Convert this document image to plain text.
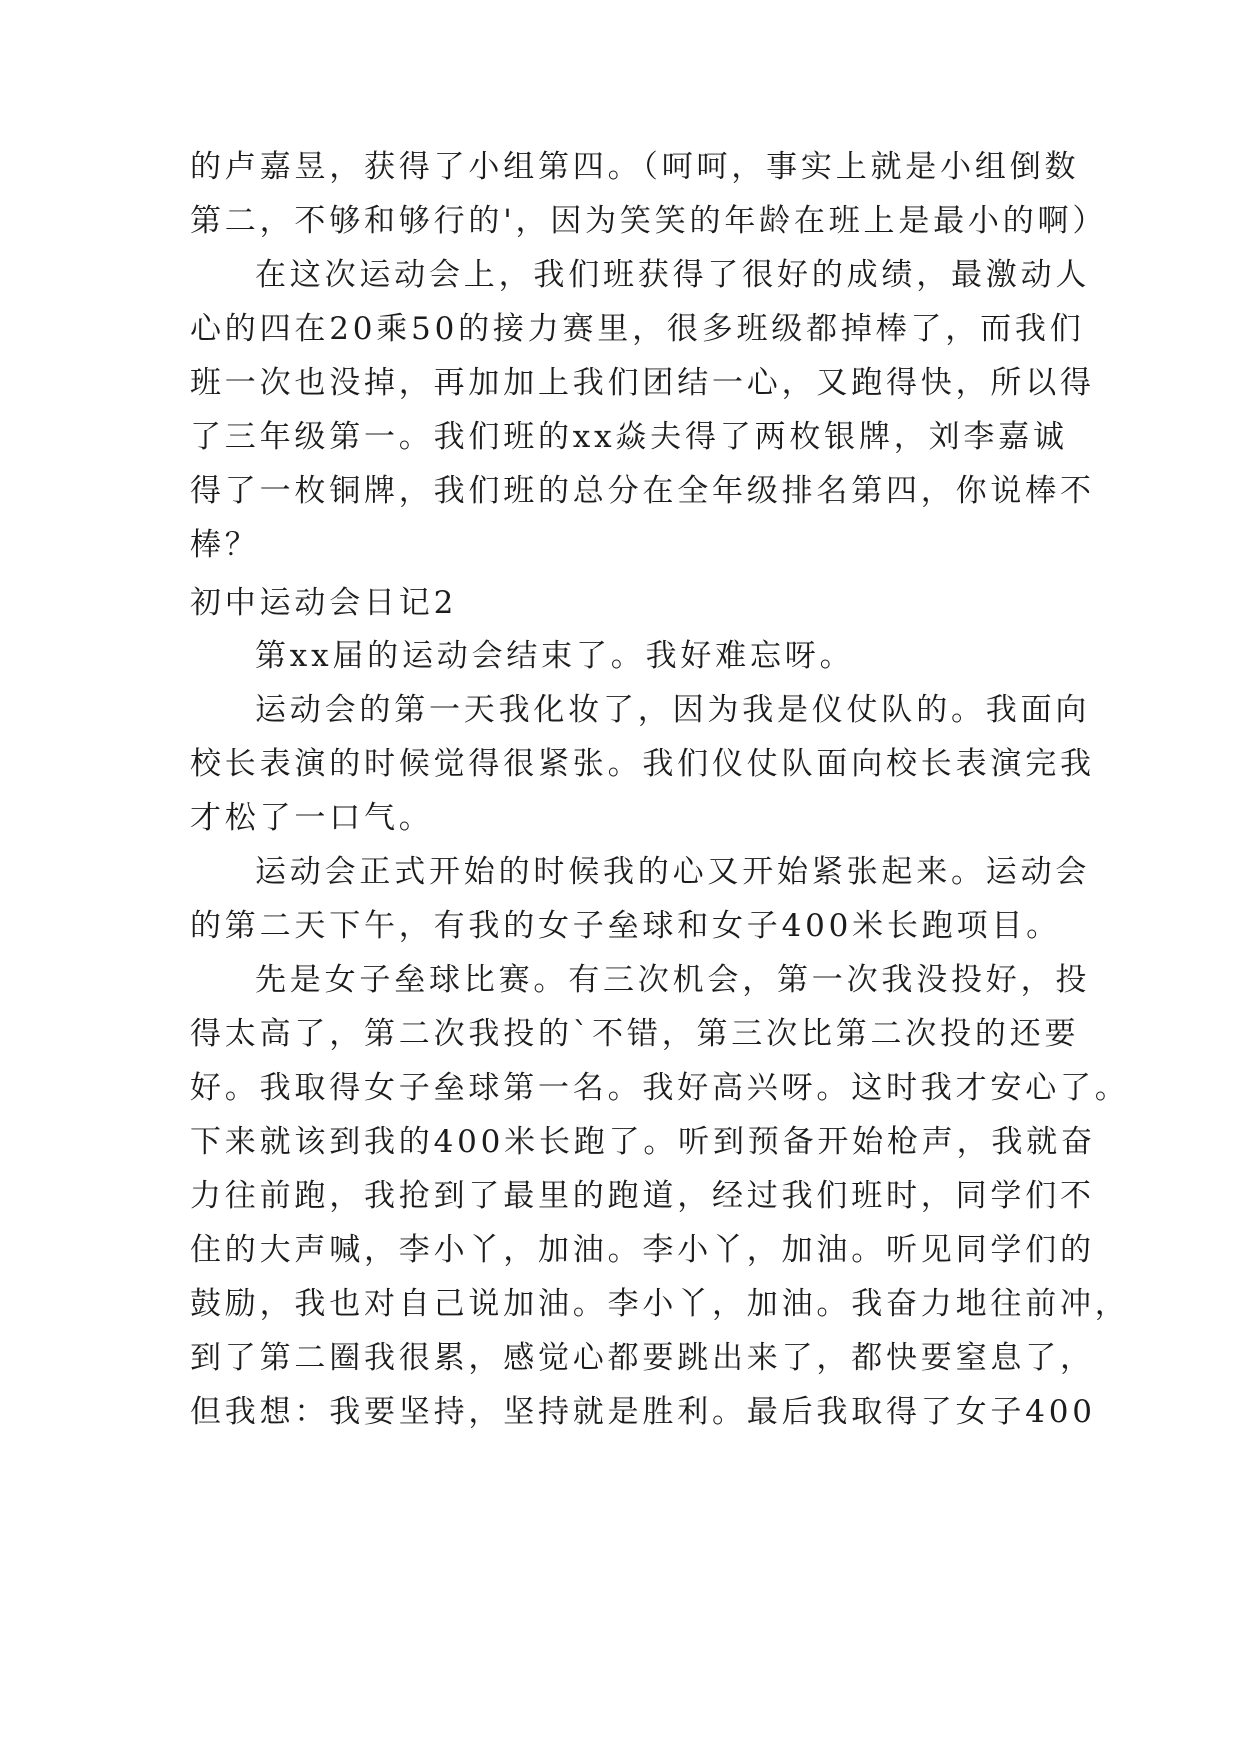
的卢嘉昱，获得了小组第四。（呵呵，事实上就是小组倒数
第二，不够和够行的'，因为笑笑的年龄在班上是最小的啊）
在这次运动会上，我们班获得了很好的成绩，最激动人
心的四在20乘50的接力赛里，很多班级都掉棒了，而我们
班一次也没掉，再加加上我们团结一心，又跑得快，所以得
了三年级第一。我们班的xx焱夫得了两枚银牌，刘李嘉诚
得了一枚铜牌，我们班的总分在全年级排名第四，你说棒不
棒？
初中运动会日记2
第xx届的运动会结束了。我好难忘呀。
运动会的第一天我化妆了，因为我是仪仗队的。我面向
校长表演的时候觉得很紧张。我们仪仗队面向校长表演完我
才松了一口气。
运动会正式开始的时候我的心又开始紧张起来。运动会
的第二天下午，有我的女子垒球和女子400米长跑项目。
先是女子垒球比赛。有三次机会，第一次我没投好，投
得太高了，第二次我投的`不错，第三次比第二次投的还要
好。我取得女子垒球第一名。我好高兴呀。这时我才安心了。
下来就该到我的400米长跑了。听到预备开始枪声，我就奋
力往前跑，我抢到了最里的跑道，经过我们班时，同学们不
住的大声喊，李小丫，加油。李小丫，加油。听见同学们的
鼓励，我也对自己说加油。李小丫，加油。我奋力地往前冲，
到了第二圈我很累，感觉心都要跳出来了，都快要窒息了，
但我想：我要坚持，坚持就是胜利。最后我取得了女子400
